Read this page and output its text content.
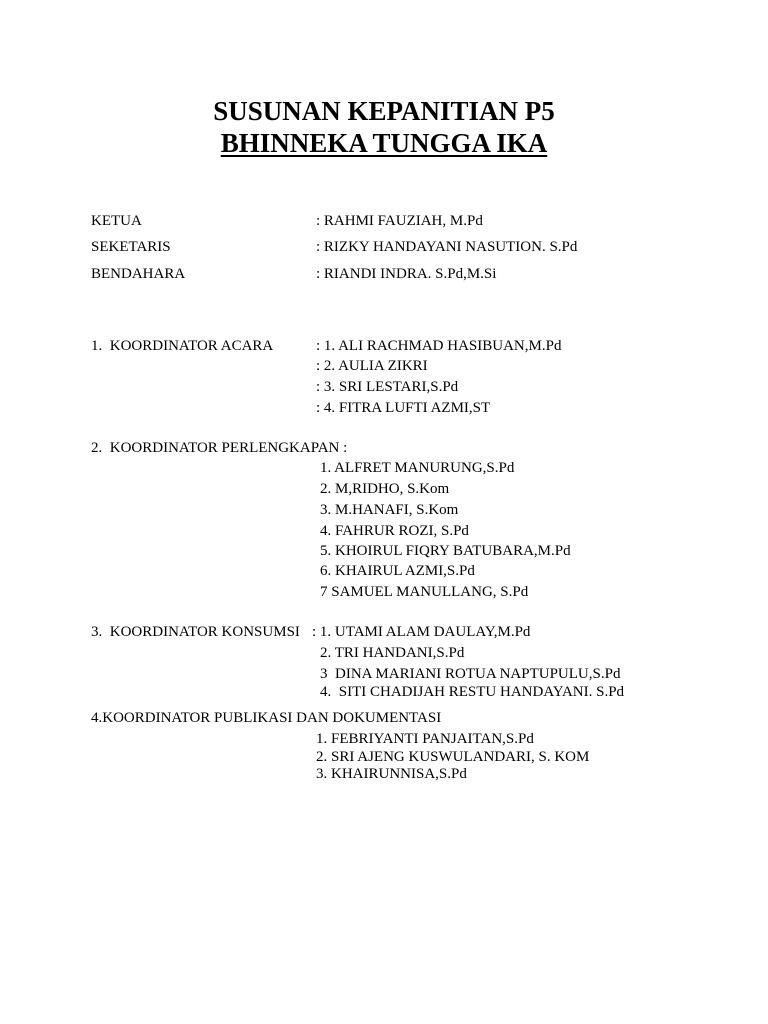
SUSUNAN KEPANITIAN P5
BHINNEKA TUNGGA IKA
KETUA	: RAHMI FAUZIAH, M.Pd
SEKETARIS	: RIZKY HANDAYANI NASUTION. S.Pd
BENDAHARA	: RIANDI INDRA. S.Pd,M.Si
1.  KOORDINATOR ACARA	: 1. ALI RACHMAD HASIBUAN,M.Pd
: 2. AULIA ZIKRI
: 3. SRI LESTARI,S.Pd
: 4. FITRA LUFTI AZMI,ST
2.  KOORDINATOR PERLENGKAPAN :
1. ALFRET MANURUNG,S.Pd
2. M,RIDHO, S.Kom
3. M.HANAFI, S.Kom
4. FAHRUR ROZI, S.Pd
5. KHOIRUL FIQRY BATUBARA,M.Pd
6. KHAIRUL AZMI,S.Pd
7 SAMUEL MANULLANG, S.Pd
3.  KOORDINATOR KONSUMSI : 1. UTAMI ALAM DAULAY,M.Pd
2. TRI HANDANI,S.Pd
3  DINA MARIANI ROTUA NAPTUPULU,S.Pd
4.  SITI CHADIJAH RESTU HANDAYANI. S.Pd
4.KOORDINATOR PUBLIKASI DAN DOKUMENTASI
1. FEBRIYANTI PANJAITAN,S.Pd
2. SRI AJENG KUSWULANDARI, S. KOM
3. KHAIRUNNISA,S.Pd
